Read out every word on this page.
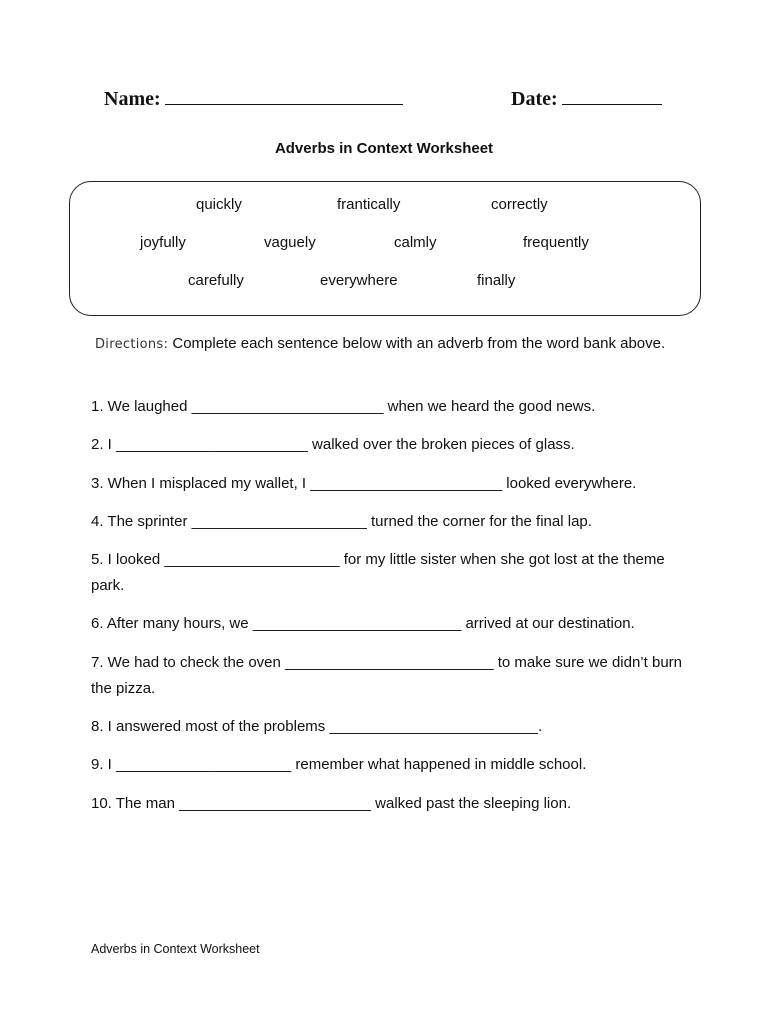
Name:	Date:
Adverbs in Context Worksheet
quickly	frantically	correctly
joyfully	vaguely	calmly	frequently
carefully	everywhere	finally
Directions: Complete each sentence below with an adverb from the word bank above.
1. We laughed _______________________ when we heard the good news.
2. I _______________________ walked over the broken pieces of glass.
3. When I misplaced my wallet, I _______________________ looked everywhere.
4. The sprinter _____________________ turned the corner for the final lap.
5. I looked _____________________ for my little sister when she got lost at the theme park.
6. After many hours, we _________________________ arrived at our destination.
7. We had to check the oven _________________________ to make sure we didn’t burn the pizza.
8. I answered most of the problems _________________________.
9. I _____________________ remember what happened in middle school.
10. The man _______________________ walked past the sleeping lion.
Adverbs in Context Worksheet
